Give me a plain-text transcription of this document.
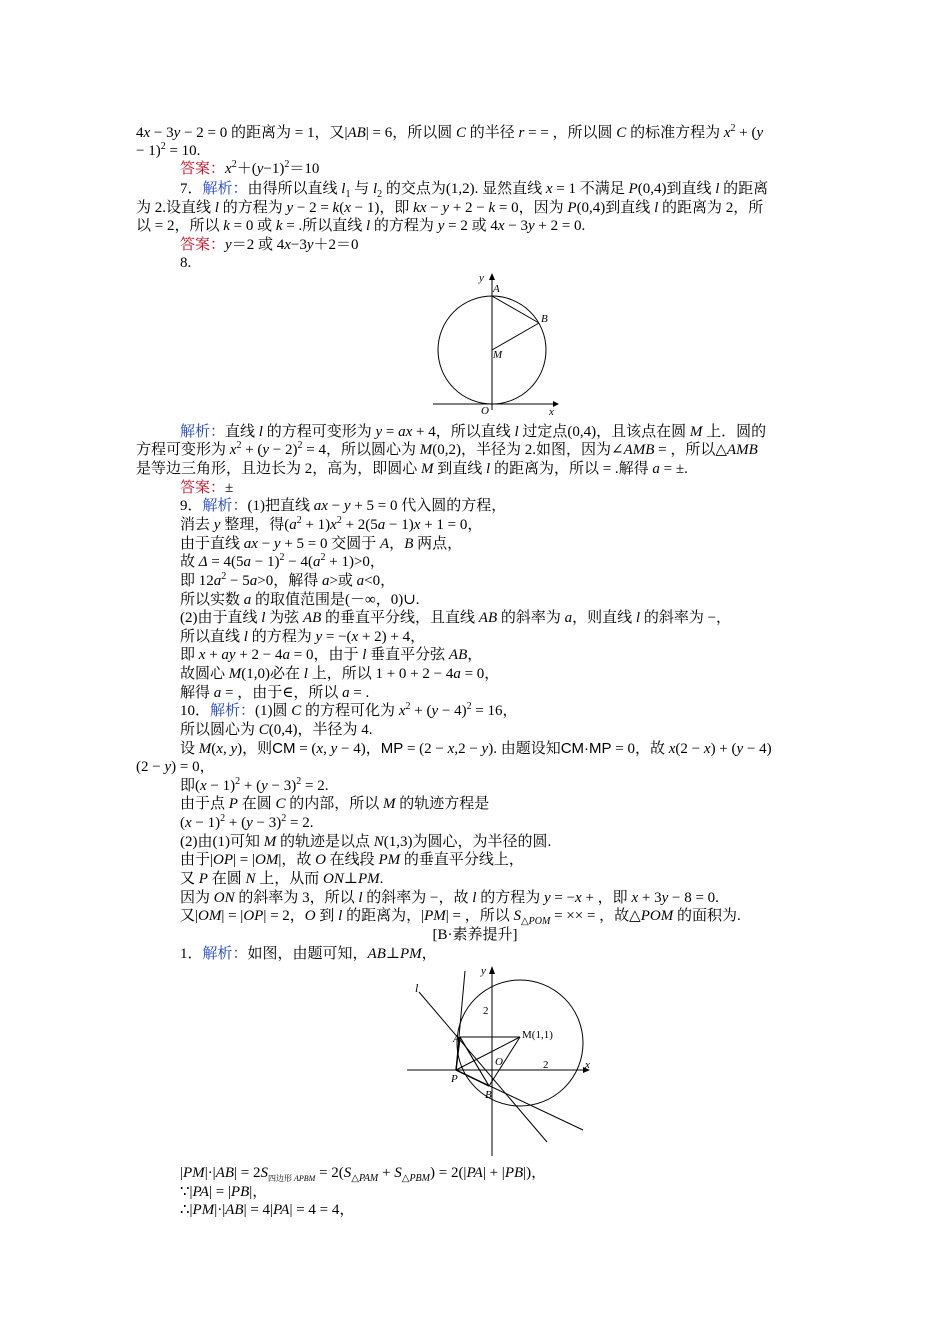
4x − 3y − 2 = 0 的距离为 = 1，又|AB| = 6，所以圆 C 的半径 r = = ，所以圆 C 的标准方程为 $x^2 + (y$
− 1)$^2$ = 10.
答案：$x^2+(y-1)^2=10$
7．解析：由得所以直线 $l_1$ 与 $l_2$ 的交点为(1,2). 显然直线 x = 1 不满足 P(0,4)到直线 l 的距离
为 2.设直线 l 的方程为 y − 2 = k(x − 1)，即 kx − y + 2 − k = 0，因为 P(0,4)到直线 l 的距离为 2，所
以 = 2，所以 k = 0 或 k = .所以直线 l 的方程为 y = 2 或 4x − 3y + 2 = 0.
答案：y＝2 或 4x−3y＋2＝0
8.
y
A
B
M
O	x
解析：直线 l 的方程可变形为 y = ax + 4，所以直线 l 过定点(0,4)，且该点在圆 M 上．圆的
方程可变形为 $x^2 + (y - 2)^2 = 4$，所以圆心为 M(0,2)，半径为 2.如图，因为∠AMB = ，所以△AMB
是等边三角形，且边长为 2，高为，即圆心 M 到直线 l 的距离为，所以 = .解得 a = ±.
答案：±
9．解析：(1)把直线 ax − y + 5 = 0 代入圆的方程，
消去 y 整理，得$(a^2 + 1)x^2 + 2(5a - 1)x + 1 = 0$，
由于直线 ax − y + 5 = 0 交圆于 A，B 两点，
故 $\Delta = 4(5a - 1)^2 - 4(a^2 + 1)>0$，
即 $12a^2 - 5a>0$，解得 a>或 a<0，
所以实数 a 的取值范围是(－∞，0)∪.
(2)由于直线 l 为弦 AB 的垂直平分线，且直线 AB 的斜率为 a，则直线 l 的斜率为 −，
所以直线 l 的方程为 y = −(x + 2) + 4，
即 x + ay + 2 − 4a = 0，由于 l 垂直平分弦 AB，
故圆心 M(1,0)必在 l 上，所以 1 + 0 + 2 − 4a = 0，
解得 a = ，由于∈，所以 a = .
10．解析：(1)圆 C 的方程可化为 $x^2 + (y - 4)^2 = 16$，
所以圆心为 C(0,4)，半径为 4.
设 M(x, y)，则CM = (x, y − 4)，MP = (2 − x,2 − y). 由题设知CM·MP = 0，故 x(2 − x) + (y − 4)
(2 − y) = 0，
即$(x - 1)^2 + (y - 3)^2 = 2$.
由于点 P 在圆 C 的内部，所以 M 的轨迹方程是
$(x - 1)^2 + (y - 3)^2 = 2$.
(2)由(1)可知 M 的轨迹是以点 N(1,3)为圆心，为半径的圆.
由于|OP| = |OM|，故 O 在线段 PM 的垂直平分线上，
又 P 在圆 N 上，从而 ON⊥PM.
因为 ON 的斜率为 3，所以 l 的斜率为 −，故 l 的方程为 y = −x + ，即 x + 3y − 8 = 0.
又|OM| = |OP| = 2，O 到 l 的距离为，|PM| = ，所以 $S_{\triangle POM}$ = ×× = ，故△POM 的面积为.
[B·素养提升]
1．解析：如图，由题可知，AB⊥PM，
y
l
2
A	M(1,1)
O
P
2	x
B
$|PM|\cdot|AB| = 2S_{四边形 APBM} = 2(S_{\triangle PAM} + S_{\triangle PBM}) = 2(|PA| + |PB|)$，
∵|PA| = |PB|，
∴|PM|·|AB| = 4|PA| = 4 = 4，
